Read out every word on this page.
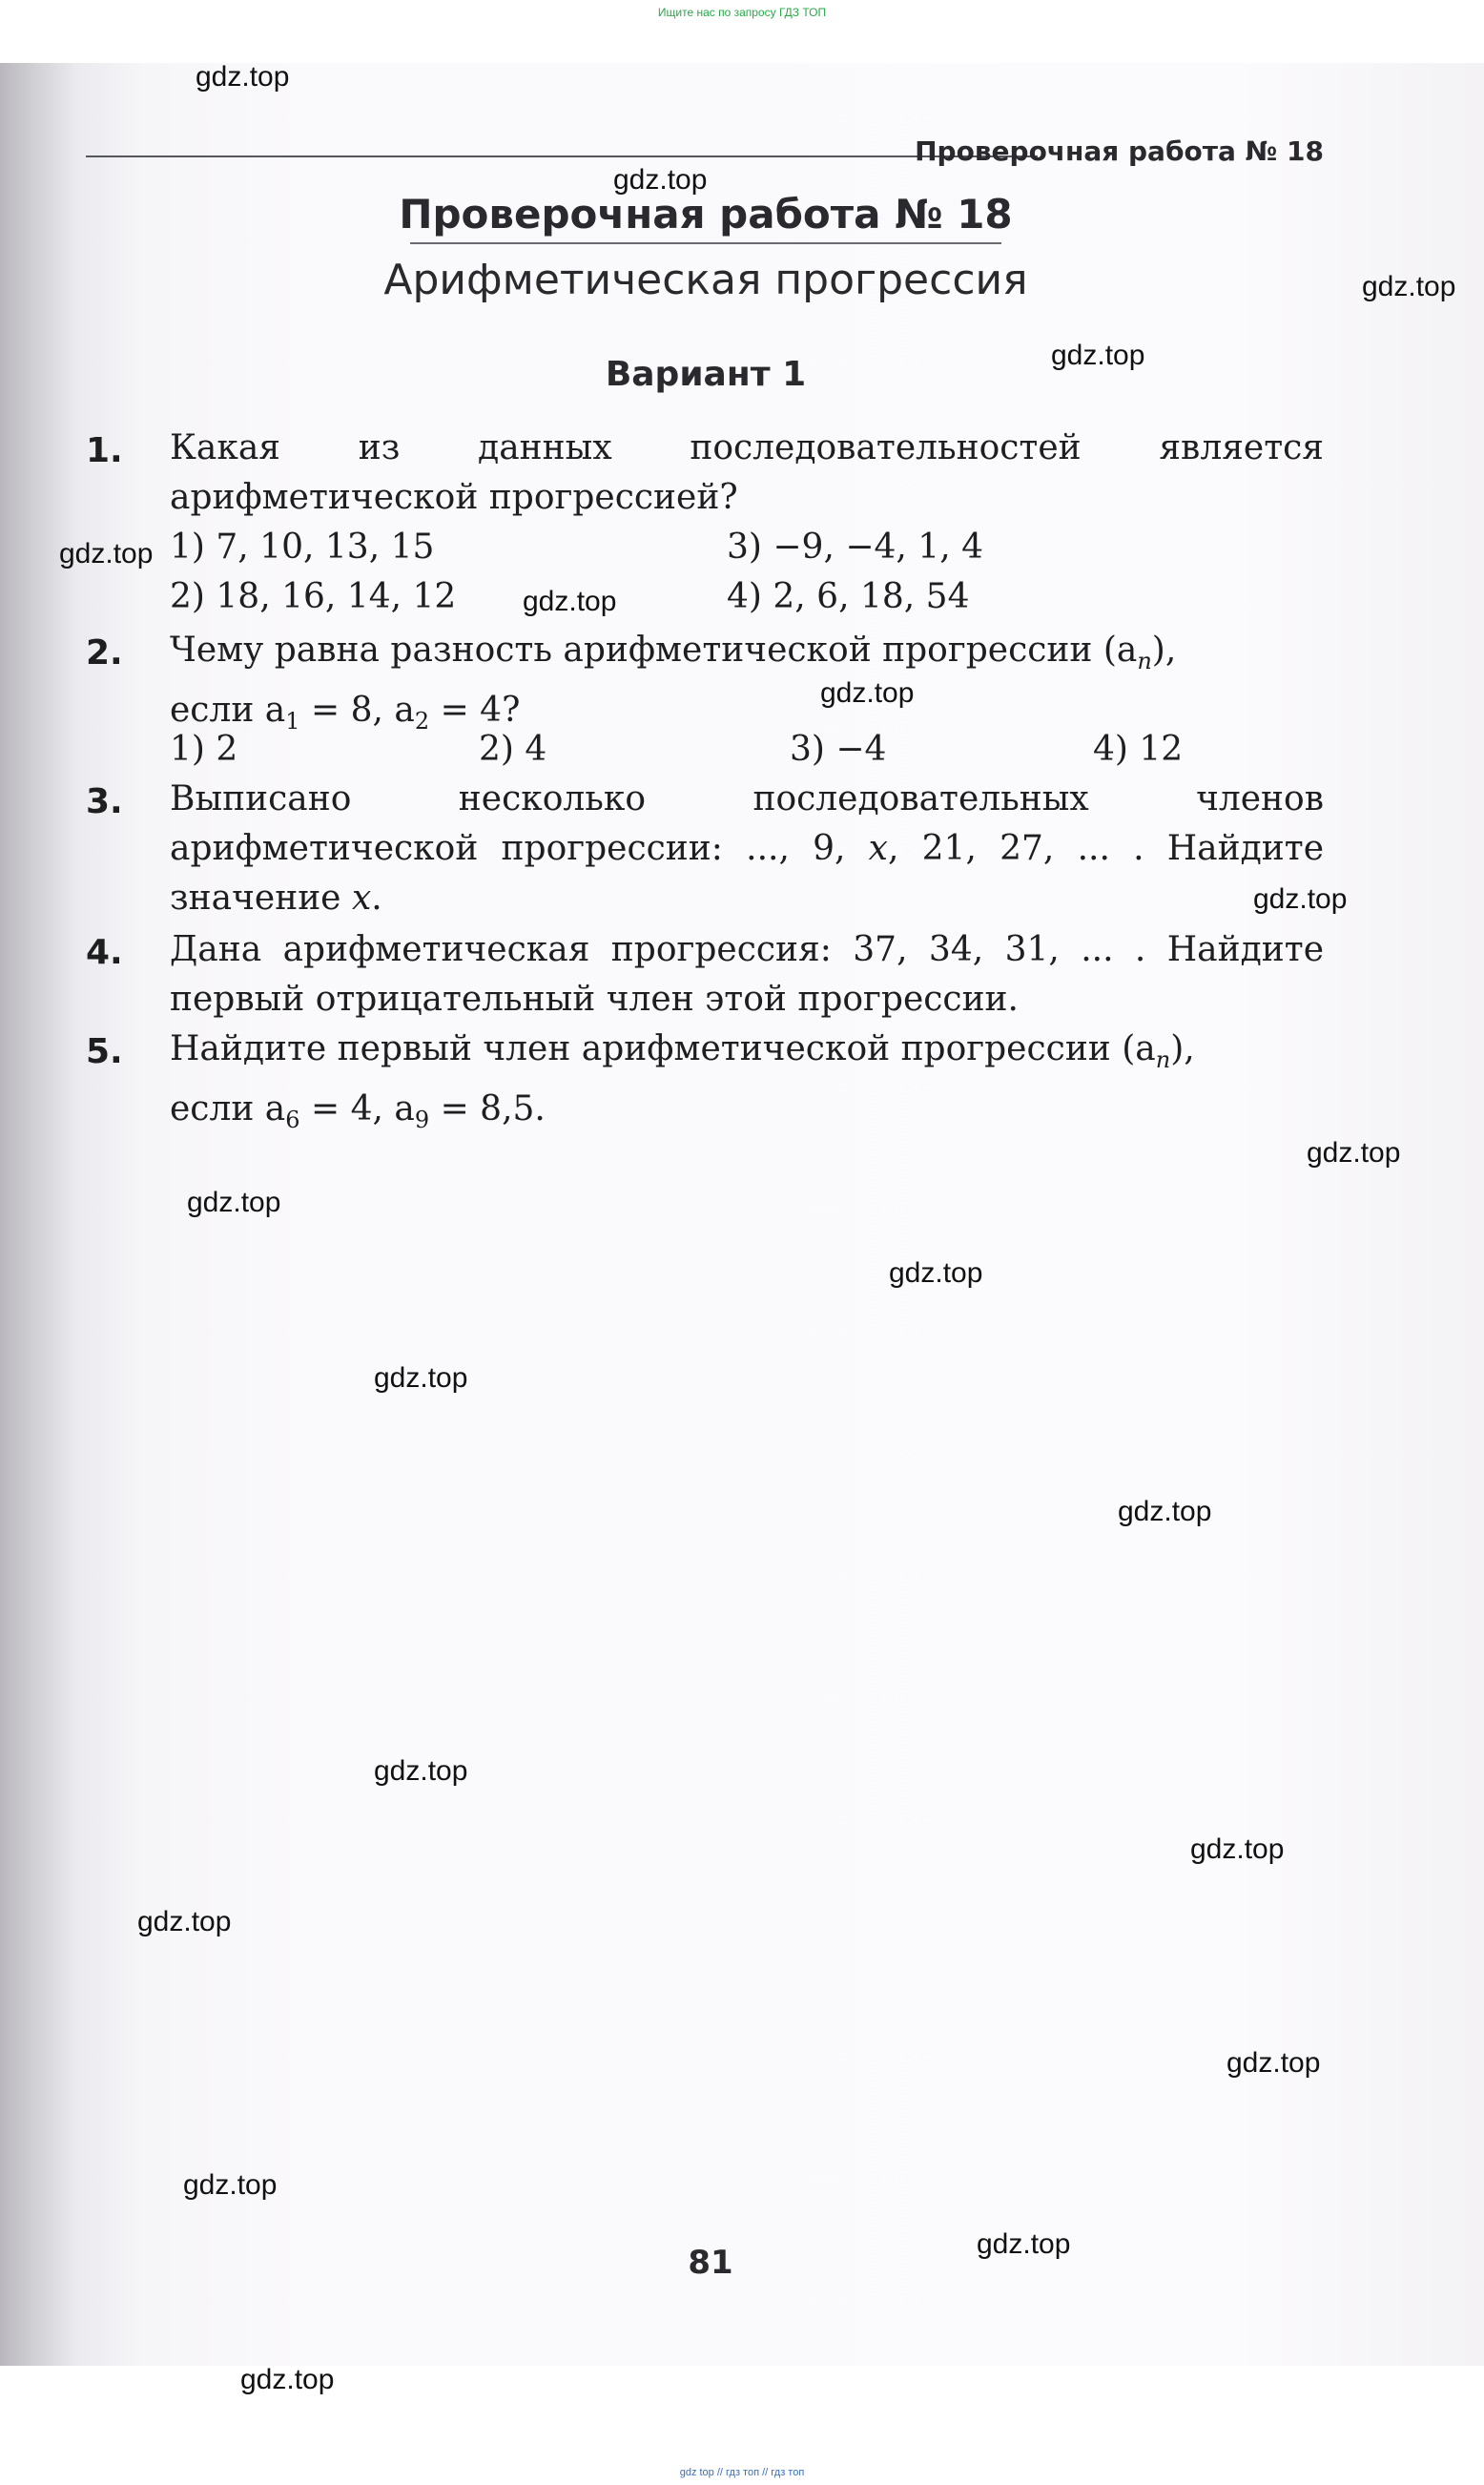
Ищите нас по запросу ГДЗ ТОП
Проверочная работа № 18
Проверочная работа № 18
Арифметическая прогрессия
Вариант 1
1. Какая из данных последовательностей является арифметической прогрессией?
1) 7, 10, 13, 15
2) 18, 16, 14, 12
3) −9, −4, 1, 4
4) 2, 6, 18, 54
2. Чему равна разность арифметической прогрессии $(a_n)$,
если $a_1 = 8$, $a_2 = 4$?
1) 2	2) 4	3) −4	4) 12
3. Выписано несколько последовательных членов арифметической прогрессии: ..., 9, x, 21, 27, ... . Найдите значение x.
4. Дана арифметическая прогрессия: 37, 34, 31, ... . Найдите первый отрицательный член этой прогрессии.
5. Найдите первый член арифметической прогрессии $(a_n)$,
если $a_6 = 4$, $a_9 = 8,5$.
81
gdz.top
gdz.top
gdz.top
gdz.top
gdz.top
gdz.top
gdz.top
gdz.top
gdz.top
gdz.top
gdz.top
gdz.top
gdz.top
gdz.top
gdz.top
gdz.top
gdz.top
gdz.top
gdz.top
gdz.top
gdz top // гдз топ // гдз топ
